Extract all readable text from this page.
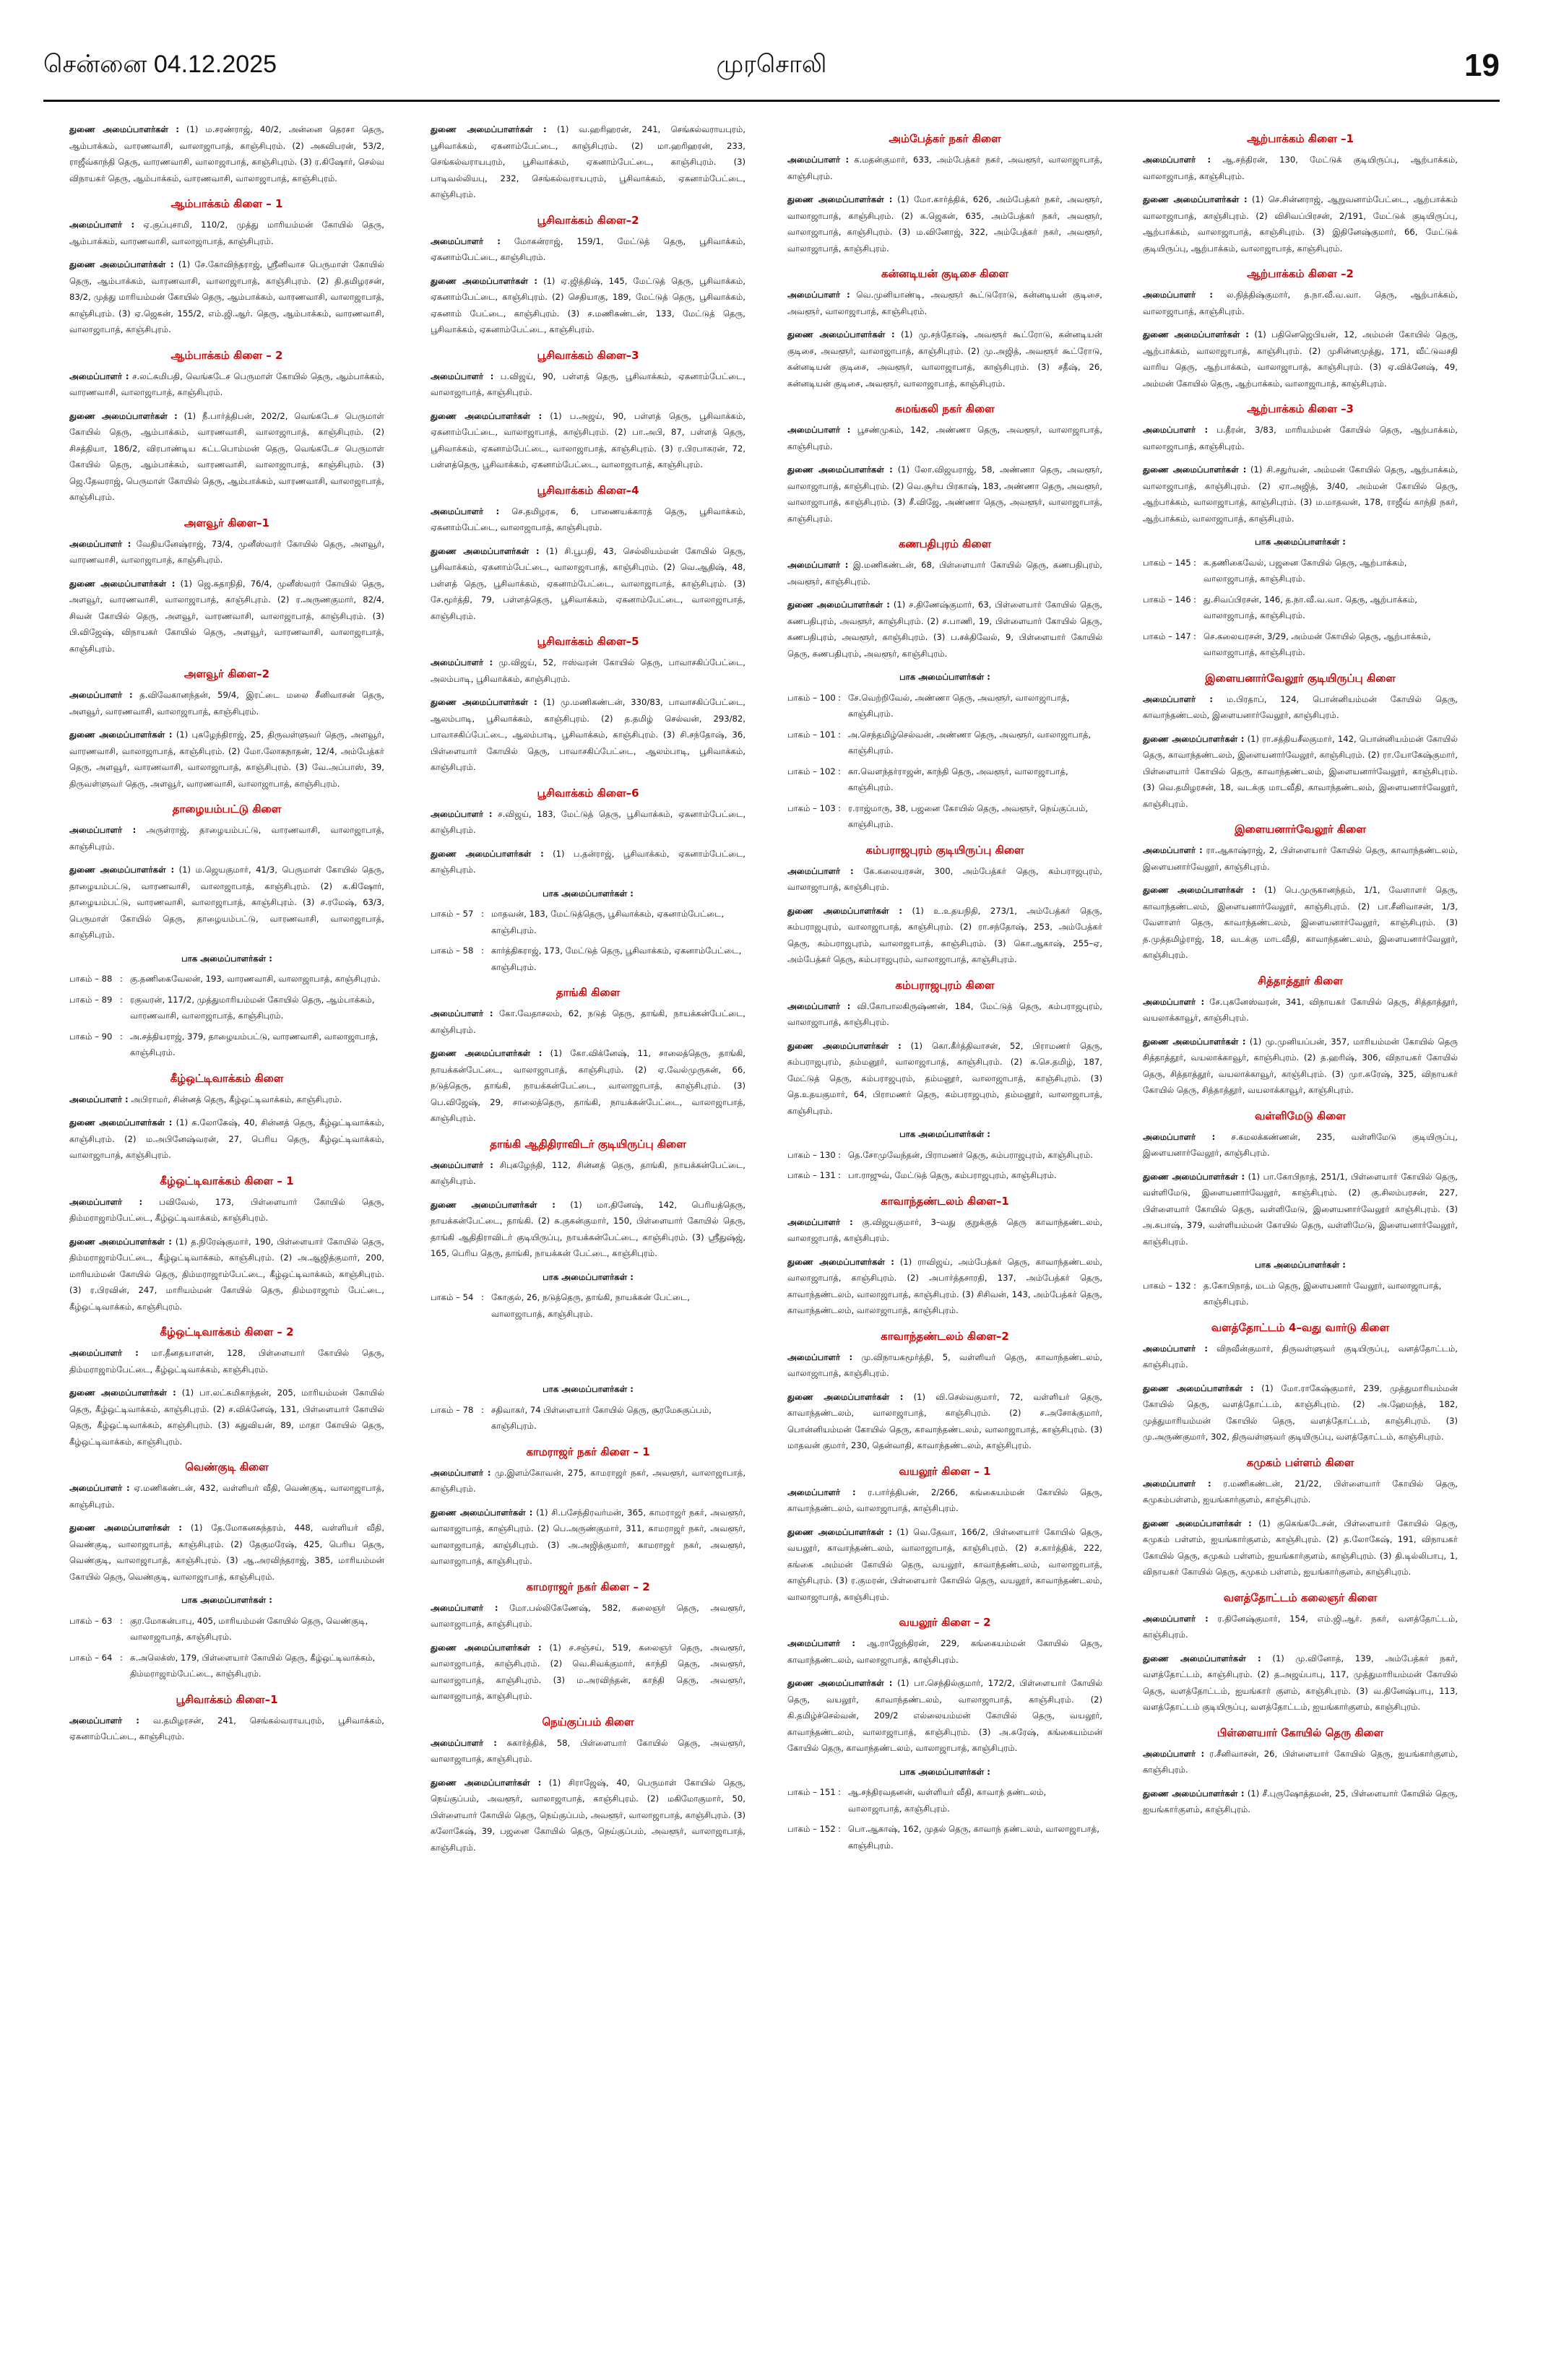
சென்னை 04.12.2025	முரசொலி	19
துணை அமைப்பாளர்கள் : (1) ம.சரண்ராஜ், 40/2, அன்னை தெரசா தெரு, ஆம்பாக்கம், வாரணவாசி, வாலாஜாபாத், காஞ்சிபுரம். (2) அகவிபரன், 53/2, ராஜீவ்காந்தி தெரு, வாரணவாசி, வாலாஜாபாத், காஞ்சிபுரம். (3) ர.கிஷோர், செல்வ விநாயகர் தெரு, ஆம்பாக்கம், வாரணவாசி, வாலாஜாபாத், காஞ்சிபுரம்.
ஆம்பாக்கம் கிளை – 1
அமைப்பாளர் : ஏ.குப்புசாமி, 110/2, முத்து மாரியம்மன் கோயில் தெரு, ஆம்பாக்கம், வாரணவாசி, வாலாஜாபாத், காஞ்சிபுரம்.
துணை அமைப்பாளர்கள் : (1) சே.கோவிந்தராஜ், ஸ்ரீனிவாச பெருமாள் கோயில் தெரு, ஆம்பாக்கம், வாரணவாசி, வாலாஜாபாத், காஞ்சிபுரம். (2) தி.தமிழரசன், 83/2, முத்து மாரியம்மன் கோயில் தெரு, ஆம்பாக்கம், வாரணவாசி, வாலாஜாபாத், காஞ்சிபுரம். (3) ஏ.ஜெகன், 155/2, எம்.ஜி.ஆர். தெரு, ஆம்பாக்கம், வாரணவாசி, வாலாஜாபாத், காஞ்சிபுரம்.
ஆம்பாக்கம் கிளை – 2
அமைப்பாளர் : ச.லட்சுமிபதி, வெங்கடேச பெருமாள் கோயில் தெரு, ஆம்பாக்கம், வாரணவாசி, வாலாஜாபாத், காஞ்சிபுரம்.
துணை அமைப்பாளர்கள் : (1) நீ.பார்த்திபன், 202/2, வெங்கடேச பெருமாள் கோயில் தெரு, ஆம்பாக்கம், வாரணவாசி, வாலாஜாபாத், காஞ்சிபுரம். (2) சிசத்தியா, 186/2, விரபாண்டிய கட்டபொம்மன் தெரு, வெங்கடேச பெருமாள் கோயில் தெரு, ஆம்பாக்கம், வாரணவாசி, வாலாஜாபாத், காஞ்சிபுரம். (3) ஜெ.தேவராஜ், பெருமாள் கோயில் தெரு, ஆம்பாக்கம், வாரணவாசி, வாலாஜாபாத், காஞ்சிபுரம்.
அளவூர் கிளை–1
அமைப்பாளர் : வேதியனேஷ்ராஜ், 73/4, முனீஸ்வரர் கோயில் தெரு, அளவூர், வாரணவாசி, வாலாஜாபாத், காஞ்சிபுரம்.
துணை அமைப்பாளர்கள் : (1) ஜெ.சுதாநிதி, 76/4, முனீஸ்வரர் கோயில் தெரு, அளவூர், வாரணவாசி, வாலாஜாபாத், காஞ்சிபுரம். (2) ர.அருணகுமார், 82/4, சிவன் கோயில் தெரு, அளவூர், வாரணவாசி, வாலாஜாபாத், காஞ்சிபுரம். (3) பி.விஜேஷ், விநாயகர் கோயில் தெரு, அளவூர், வாரணவாசி, வாலாஜாபாத், காஞ்சிபுரம்.
அளவூர் கிளை–2
அமைப்பாளர் : த.விவேகானந்தன், 59/4, இரட்டை மலை சீனிவாசன் தெரு, அளவூர், வாரணவாசி, வாலாஜாபாத், காஞ்சிபுரம்.
துணை அமைப்பாளர்கள் : (1) புகழேந்திராஜ், 25, திருவள்ளுவர் தெரு, அளவூர், வாரணவாசி, வாலாஜாபாத், காஞ்சிபுரம். (2) மோ.லோகநாதன், 12/4, அம்பேத்கர் தெரு, அளவூர், வாரணவாசி, வாலாஜாபாத், காஞ்சிபுரம். (3) வே.அப்பாஸ், 39, திருவள்ளுவர் தெரு, அளவூர், வாரணவாசி, வாலாஜாபாத், காஞ்சிபுரம்.
தாழையம்பட்டு கிளை
அமைப்பாளர் : அருள்ராஜ், தாழையம்பட்டு, வாரணவாசி, வாலாஜாபாத், காஞ்சிபுரம்.
துணை அமைப்பாளர்கள் : (1) ம.ஜெயகுமார், 41/3, பெருமாள் கோயில் தெரு, தாழையம்பட்டு, வாரணவாசி, வாலாஜாபாத், காஞ்சிபுரம். (2) க.கிஷோர், தாழையம்பட்டு, வாரணவாசி, வாலாஜாபாத், காஞ்சிபுரம். (3) ச.ரமேஷ், 63/3, பெருமாள் கோயில் தெரு, தாழையம்பட்டு, வாரணவாசி, வாலாஜாபாத், காஞ்சிபுரம்.
பாக அமைப்பாளர்கள் :
பாகம் – 88 : கு.தணிகைவேலன், 193, வாரணவாசி, வாலாஜாபாத், காஞ்சிபுரம்.
பாகம் – 89 : ரகுவரன், 117/2, முத்துமாரியம்மன் கோயில் தெரு, ஆம்பாக்கம், வாரணவாசி, வாலாஜாபாத், காஞ்சிபுரம்.
பாகம் – 90 : அ.சத்தியராஜ், 379, தாழையம்பட்டு, வாரணவாசி, வாலாஜாபாத், காஞ்சிபுரம்.
கீழ்ஒட்டிவாக்கம் கிளை
அமைப்பாளர் : அபிராமர், சின்னத் தெரு, கீழ்ஒட்டிவாக்கம், காஞ்சிபுரம்.
துணை அமைப்பாளர்கள் : (1) க.லோகேஷ், 40, சின்னத் தெரு, கீழ்ஒட்டிவாக்கம், காஞ்சிபுரம். (2) ம.அபினேஷ்வரன், 27, பெரிய தெரு, கீழ்ஒட்டிவாக்கம், வாலாஜாபாத், காஞ்சிபுரம்.
கீழ்ஒட்டிவாக்கம் கிளை – 1
அமைப்பாளர் : பவிவேல், 173, பிள்ளையார் கோயில் தெரு, திம்மராஜாம்பேட்டை, கீழ்ஒட்டிவாக்கம், காஞ்சிபுரம்.
துணை அமைப்பாளர்கள் : (1) த.நிரேஷ்குமார், 190, பிள்ளையார் கோயில் தெரு, திம்மராஜாம்பேட்டை, கீழ்ஒட்டிவாக்கம், காஞ்சிபுரம். (2) அ.ஆஜித்குமார், 200, மாரியம்மன் கோயில் தெரு, திம்மராஜாம்பேட்டை, கீழ்ஒட்டிவாக்கம், காஞ்சிபுரம். (3) ர.பிரவின், 247, மாரியம்மன் கோயில் தெரு, திம்மராஜாம் பேட்டை, கீழ்ஒட்டிவாக்கம், காஞ்சிபுரம்.
கீழ்ஒட்டிவாக்கம் கிளை – 2
அமைப்பாளர் : மா.தீனதயாளன், 128, பிள்ளையார் கோயில் தெரு, திம்மராஜாம்பேட்டை, கீழ்ஒட்டிவாக்கம், காஞ்சிபுரம்.
துணை அமைப்பாளர்கள் : (1) பா.லட்சுமிகாந்தன், 205, மாரியம்மன் கோயில் தெரு, கீழ்ஒட்டிவாக்கம், காஞ்சிபுரம். (2) ச.விக்னேஷ், 131, பிள்ளையார் கோயில் தெரு, கீழ்ஒட்டிவாக்கம், காஞ்சிபுரம். (3) சுதுவியன், 89, மாதா கோயில் தெரு, கீழ்ஒட்டிவாக்கம், காஞ்சிபுரம்.
வெண்குடி கிளை
அமைப்பாளர் : ஏ.மணிகண்டன், 432, வள்ளியர் வீதி, வெண்குடி, வாலாஜாபாத், காஞ்சிபுரம்.
துணை அமைப்பாளர்கள் : (1) தே.மோகனசுந்தரம், 448, வள்ளியர் வீதி, வெண்குடி, வாலாஜாபாத், காஞ்சிபுரம். (2) தேகுமரேஷ், 425, பெரிய தெரு, வெண்குடி, வாலாஜாபாத், காஞ்சிபுரம். (3) ஆ.அரவிந்தராஜ், 385, மாரியம்மன் கோயில் தெரு, வெண்குடி, வாலாஜாபாத், காஞ்சிபுரம்.
பாக அமைப்பாளர்கள் :
பாகம் – 63 : குர.மோகன்பாபு, 405, மாரியம்மன் கோயில் தெரு, வெண்குடி, வாலாஜாபாத், காஞ்சிபுரம்.
பாகம் – 64 : சு.அலெக்ஸ், 179, பிள்ளையார் கோயில் தெரு, கீழ்ஒட்டிவாக்கம், திம்மராஜாம்பேட்டை, காஞ்சிபுரம்.
பூசிவாக்கம் கிளை–1
அமைப்பாளர் : வ.தமிழரசன், 241, செங்கல்வராயபுரம், பூசிவாக்கம், ஏகனாம்பேட்டை, காஞ்சிபுரம்.
துணை அமைப்பாளர்கள் : (1) வ.ஹரிஹரன், 241, செங்கல்வராயபுரம், பூசிவாக்கம், ஏகனாம்பேட்டை, காஞ்சிபுரம். (2) மா.ஹரிஹரன், 233, செங்கல்வராயபுரம், பூசிவாக்கம், ஏகனாம்பேட்டை, காஞ்சிபுரம். (3) பாடிவல்லியபு, 232, செங்கல்வராயபுரம், பூசிவாக்கம், ஏகனாம்பேட்டை, காஞ்சிபுரம்.
பூசிவாக்கம் கிளை–2
அமைப்பாளர் : மோகன்ராஜ், 159/1, மேட்டுத் தெரு, பூசிவாக்கம், ஏகனாம்பேட்டை, காஞ்சிபுரம்.
துணை அமைப்பாளர்கள் : (1) ஏ.ஜித்திஷ், 145, மேட்டுத் தெரு, பூசிவாக்கம், ஏகனாம்பேட்டை, காஞ்சிபுரம். (2) செதியாகு, 189, மேட்டுத் தெரு, பூசிவாக்கம், ஏகனாம் பேட்டை, காஞ்சிபுரம். (3) ச.மணிகண்டன், 133, மேட்டுத் தெரு, பூசிவாக்கம், ஏகனாம்பேட்டை, காஞ்சிபுரம்.
பூசிவாக்கம் கிளை–3
அமைப்பாளர் : ப.விஜய், 90, பள்ளத் தெரு, பூசிவாக்கம், ஏகனாம்பேட்டை, வாலாஜாபாத், காஞ்சிபுரம்.
துணை அமைப்பாளர்கள் : (1) ப.அஜய், 90, பள்ளத் தெரு, பூசிவாக்கம், ஏகனாம்பேட்டை, வாலாஜாபாத், காஞ்சிபுரம். (2) பா.அபி, 87, பள்ளத் தெரு, பூசிவாக்கம், ஏகனாம்பேட்டை, வாலாஜாபாத், காஞ்சிபுரம். (3) ர.பிரபாகரன், 72, பள்ளத்தெரு, பூசிவாக்கம், ஏகனாம்பேட்டை, வாலாஜாபாத், காஞ்சிபுரம்.
பூசிவாக்கம் கிளை–4
அமைப்பாளர் : செ.தமிழரசு, 6, பாணையக்காரத் தெரு, பூசிவாக்கம், ஏகனாம்பேட்டை, வாலாஜாபாத், காஞ்சிபுரம்.
துணை அமைப்பாளர்கள் : (1) சி.பூபதி, 43, செல்லியம்மன் கோயில் தெரு, பூசிவாக்கம், ஏகனாம்பேட்டை, வாலாஜாபாத், காஞ்சிபுரம். (2) வெ.ஆதிஷ், 48, பள்ளத் தெரு, பூசிவாக்கம், ஏகனாம்பேட்டை, வாலாஜாபாத், காஞ்சிபுரம். (3) சே.மூர்த்தி, 79, பள்ளத்தெரு, பூசிவாக்கம், ஏகனாம்பேட்டை, வாலாஜாபாத், காஞ்சிபுரம்.
பூசிவாக்கம் கிளை–5
அமைப்பாளர் : மு.விஜய், 52, ஈஸ்வரன் கோயில் தெரு, பாவாசகிப்பேட்டை, அலம்பாடி, பூசிவாக்கம், காஞ்சிபுரம்.
துணை அமைப்பாளர்கள் : (1) மு.மணிகண்டன், 330/83, பாவாசகிப்பேட்டை, ஆலம்பாடி, பூசிவாக்கம், காஞ்சிபுரம். (2) த.தமிழ் செல்வன், 293/82, பாவாசகிப்பேட்டை, ஆலம்பாடி, பூசிவாக்கம், காஞ்சிபுரம். (3) சி.சந்தோஷ், 36, பிள்ளையார் கோயில் தெரு, பாவாசகிப்பேட்டை, ஆலம்பாடி, பூசிவாக்கம், காஞ்சிபுரம்.
பூசிவாக்கம் கிளை–6
அமைப்பாளர் : ச.விஜய், 183, மேட்டுத் தெரு, பூசிவாக்கம், ஏகனாம்பேட்டை, காஞ்சிபுரம்.
துணை அமைப்பாளர்கள் : (1) ப.தன்ராஜ், பூசிவாக்கம், ஏகனாம்பேட்டை, காஞ்சிபுரம்.
பாக அமைப்பாளர்கள் :
பாகம் – 57 : மாதவன், 183, மேட்டுத்தெரு, பூசிவாக்கம், ஏகனாம்பேட்டை, காஞ்சிபுரம்.
பாகம் – 58 : கார்த்திகராஜ், 173, மேட்டுத் தெரு, பூசிவாக்கம், ஏகனாம்பேட்டை, காஞ்சிபுரம்.
தாங்கி கிளை
அமைப்பாளர் : கோ.வேதாசலம், 62, நடுத் தெரு, தாங்கி, நாயக்கன்பேட்டை, காஞ்சிபுரம்.
துணை அமைப்பாளர்கள் : (1) கோ.விக்னேஷ், 11, சாலைத்தெரு, தாங்கி, நாயக்கன்பேட்டை, வாலாஜாபாத், காஞ்சிபுரம். (2) ஏ.வேல்முருகன், 66, நடுத்தெரு, தாங்கி, நாயக்கன்பேட்டை, வாலாஜாபாத், காஞ்சிபுரம். (3) பெ.விஜேஷ், 29, சாலைத்தெரு, தாங்கி, நாயக்கன்பேட்டை, வாலாஜாபாத், காஞ்சிபுரம்.
தாங்கி ஆதிதிராவிடர் குடியிருப்பு கிளை
அமைப்பாளர் : சிபுகழேந்தி, 112, சின்னத் தெரு, தாங்கி, நாயக்கன்பேட்டை, காஞ்சிபுரம்.
துணை அமைப்பாளர்கள் : (1) மா.தினேஷ், 142, பெரியத்தெரு, நாயக்கன்பேட்டை, தாங்கி. (2) சு.குகன்குமார், 150, பிள்ளையார் கோயில் தெரு, தாங்கி ஆதிதிராவிடர் குடியிருப்பு, நாயக்கன்பேட்டை, காஞ்சிபுரம். (3) ஸ்ரீதுஷ்ஜ், 165, பெரிய தெரு, தாங்கி, நாயக்கன் பேட்டை, காஞ்சிபுரம்.
பாக அமைப்பாளர்கள் :
பாகம் – 54 : கோகுல், 26, நடுத்தெரு, தாங்கி, நாயக்கன் பேட்டை, வாலாஜாபாத், காஞ்சிபுரம்.
பாக அமைப்பாளர்கள் :
பாகம் – 78 : சதிவாகர், 74 பிள்ளையார் கோயில் தெரு, சூரமேசுகுப்பம், காஞ்சிபுரம்.
காமராஜர் நகர் கிளை – 1
அமைப்பாளர் : மு.இளம்கோவன், 275, காமராஜர் நகர், அவளூர், வாலாஜாபாத், காஞ்சிபுரம்.
துணை அமைப்பாளர்கள் : (1) சி.பசேந்திரவர்மன், 365, காமராஜர் நகர், அவளூர், வாலாஜாபாத், காஞ்சிபுரம். (2) பெ.அருண்குமார், 311, காமராஜர் நகர், அவளூர், வாலாஜாபாத், காஞ்சிபுரம். (3) அ.அஜித்குமார், காமராஜர் நகர், அவளூர், வாலாஜாபாத், காஞ்சிபுரம்.
காமராஜர் நகர் கிளை – 2
அமைப்பாளர் : மோ.பல்லிகேணேஷ், 582, கலைஞர் தெரு, அவளூர், வாலாஜாபாத், காஞ்சிபுரம்.
துணை அமைப்பாளர்கள் : (1) ச.சஞ்சய், 519, கலைஞர் தெரு, அவளூர், வாலாஜாபாத், காஞ்சிபுரம். (2) வெ.சிவக்குமார், காந்தி தெரு, அவளூர், வாலாஜாபாத், காஞ்சிபுரம். (3) ம.அரவிந்தன், காந்தி தெரு, அவளூர், வாலாஜாபாத், காஞ்சிபுரம்.
நெய்குப்பம் கிளை
அமைப்பாளர் : சுகார்த்திக், 58, பிள்ளையார் கோயில் தெரு, அவளூர், வாலாஜாபாத், காஞ்சிபுரம்.
துணை அமைப்பாளர்கள் : (1) சிராஜேஷ், 40, பெருமாள் கோயில் தெரு, நெய்குப்பம், அவளூர், வாலாஜாபாத், காஞ்சிபுரம். (2) மகிமோகுமார், 50, பிள்ளையார் கோயில் தெரு, நெய்குப்பம், அவளூர், வாலாஜாபாத், காஞ்சிபுரம். (3) கலோகேஷ், 39, பஜனை கோயில் தெரு, நெய்குப்பம், அவளூர், வாலாஜாபாத், காஞ்சிபுரம்.
அம்பேத்கர் நகர் கிளை
அமைப்பாளர் : க.மதன்குமார், 633, அம்பேத்கர் நகர், அவளூர், வாலாஜாபாத், காஞ்சிபுரம்.
துணை அமைப்பாளர்கள் : (1) மோ.கார்த்திக், 626, அம்பேத்கர் நகர், அவளூர், வாலாஜாபாத், காஞ்சிபுரம். (2) க.ஜெகன், 635, அம்பேத்கர் நகர், அவளூர், வாலாஜாபாத், காஞ்சிபுரம். (3) ம.வினோஜ், 322, அம்பேத்கர் நகர், அவளூர், வாலாஜாபாத், காஞ்சிபுரம்.
கன்னடியன் குடிசை கிளை
அமைப்பாளர் : வெ.முனியாண்டி, அவளூர் கூட்டுரோடு, கன்னடியன் குடிசை, அவளூர், வாலாஜாபாத், காஞ்சிபுரம்.
துணை அமைப்பாளர்கள் : (1) மு.சந்தோஷ், அவளூர் கூட்ரோடு, கன்னடியன் குடிசை, அவளூர், வாலாஜாபாத், காஞ்சிபுரம். (2) மு.அஜித், அவளூர் கூட்ரோடு, கன்னடியன் குடிசை, அவளூர், வாலாஜாபாத், காஞ்சிபுரம். (3) சதீஷ், 26, கன்னடியன் குடிசை, அவளூர், வாலாஜாபாத், காஞ்சிபுரம்.
சுமங்கலி நகர் கிளை
அமைப்பாளர் : பூசண்முகம், 142, அண்ணா தெரு, அவளூர், வாலாஜாபாத், காஞ்சிபுரம்.
துணை அமைப்பாளர்கள் : (1) லோ.விஜயராஜ், 58, அண்ணா தெரு, அவளூர், வாலாஜாபாத், காஞ்சிபுரம். (2) வெ.சூர்ய பிரகாஷ், 183, அண்ணா தெரு, அவளூர், வாலாஜாபாத், காஞ்சிபுரம். (3) சீ.விஜே, அண்ணா தெரு, அவளூர், வாலாஜாபாத், காஞ்சிபுரம்.
கணபதிபுரம் கிளை
அமைப்பாளர் : இ.மணிகண்டன், 68, பிள்ளையார் கோயில் தெரு, கணபதிபுரம், அவளூர், காஞ்சிபுரம்.
துணை அமைப்பாளர்கள் : (1) ச.திணேஷ்குமார், 63, பிள்ளையார் கோயில் தெரு, கணபதிபுரம், அவளூர், காஞ்சிபுரம். (2) ச.பாணி, 19, பிள்ளையார் கோயில் தெரு, கணபதிபுரம், அவளூர், காஞ்சிபுரம். (3) ப.சக்திவேல், 9, பிள்ளையார் கோயில் தெரு, கணபதிபுரம், அவளூர், காஞ்சிபுரம்.
பாக அமைப்பாளர்கள் :
பாகம் – 100 : சே.வெற்றிவேல், அண்ணா தெரு, அவளூர், வாலாஜாபாத், காஞ்சிபுரம்.
பாகம் – 101 : அ.செந்தமிழ்செல்வன், அண்ணா தெரு, அவளூர், வாலாஜாபாத், காஞ்சிபுரம்.
பாகம் – 102 : கா.வெளந்தர்ராஜன், காந்தி தெரு, அவளூர், வாலாஜாபாத், காஞ்சிபுரம்.
பாகம் – 103 : ர.ராஜ்மாரு, 38, பஜனை கோயில் தெரு, அவளூர், நெய்குப்பம், காஞ்சிபுரம்.
கம்பராஜபுரம் குடியிருப்பு கிளை
அமைப்பாளர் : கே.கலையரசன், 300, அம்பேத்கர் தெரு, கம்பராஜபுரம், வாலாஜாபாத், காஞ்சிபுரம்.
துணை அமைப்பாளர்கள் : (1) உ.உதயநிதி, 273/1, அம்பேத்கர் தெரு, கம்பராஜபுரம், வாலாஜாபாத், காஞ்சிபுரம். (2) ரா.சந்தோஷ், 253, அம்பேத்கர் தெரு, கம்பராஜபுரம், வாலாஜாபாத், காஞ்சிபுரம். (3) கொ.ஆகாஷ், 255–ஏ, அம்பேத்கர் தெரு, கம்பராஜபுரம், வாலாஜாபாத், காஞ்சிபுரம்.
கம்பராஜபுரம் கிளை
அமைப்பாளர் : வி.கோபாலகிருஷ்ணன், 184, மேட்டுத் தெரு, கம்பராஜபுரம், வாலாஜாபாத், காஞ்சிபுரம்.
துணை அமைப்பாளர்கள் : (1) கொ.கீர்த்திவாசன், 52, பிராமணர் தெரு, கம்பராஜபுரம், தம்மனூர், வாலாஜாபாத், காஞ்சிபுரம். (2) சு.செ.தமிழ், 187, மேட்டுத் தெரு, கம்பராஜபுரம், தம்மனூர், வாலாஜாபாத், காஞ்சிபுரம். (3) தெ.உதயகுமார், 64, பிராமணர் தெரு, கம்பராஜபுரம், தம்மனூர், வாலாஜாபாத், காஞ்சிபுரம்.
பாக அமைப்பாளர்கள் :
பாகம் – 130 : தெ.சோமுவேந்தன், பிராமணர் தெரு, கம்பராஜபுரம், காஞ்சிபுரம்.
பாகம் – 131 : பா.ராஜுவ், மேட்டுத் தெரு, கம்பராஜபுரம், காஞ்சிபுரம்.
காவாந்தண்டலம் கிளை–1
அமைப்பாளர் : கு.விஜயகுமார், 3–வது குறுக்குத் தெரு காவாந்தண்டலம், வாலாஜாபாத், காஞ்சிபுரம்.
துணை அமைப்பாளர்கள் : (1) ராவிஜய், அம்பேத்கர் தெரு, காவாந்தண்டலம், வாலாஜாபாத், காஞ்சிபுரம். (2) அபார்த்தசாரதி, 137, அம்பேத்கர் தெரு, காவாந்தண்டலம், வாலாஜாபாத், காஞ்சிபுரம். (3) சிசிவன், 143, அம்பேத்கர் தெரு, காவாந்தண்டலம், வாலாஜாபாத், காஞ்சிபுரம்.
காவாந்தண்டலம் கிளை–2
அமைப்பாளர் : மு.விநாயகமூர்த்தி, 5, வள்ளியர் தெரு, காவாந்தண்டலம், வாலாஜாபாத், காஞ்சிபுரம்.
துணை அமைப்பாளர்கள் : (1) வி.செல்வகுமார், 72, வள்ளியர் தெரு, காவாந்தண்டலம், வாலாஜாபாத், காஞ்சிபுரம். (2) ச.அசோக்குமார், பொன்னியம்மன் கோயில் தெரு, காவாந்தண்டலம், வாலாஜாபாத், காஞ்சிபுரம். (3) மாதவன் குமார், 230, தென்வாதி, காவாந்தண்டலம், காஞ்சிபுரம்.
வயலூர் கிளை – 1
அமைப்பாளர் : ர.பார்த்திபன், 2/266, கங்கையம்மன் கோயில் தெரு, காவாந்தண்டலம், வாலாஜாபாத், காஞ்சிபுரம்.
துணை அமைப்பாளர்கள் : (1) வெ.தேவா, 166/2, பிள்ளையார் கோயில் தெரு, வயலூர், காவாந்தண்டலம், வாலாஜாபாத், காஞ்சிபுரம். (2) ச.கார்த்திக், 222, கங்கை அம்மன் கோயில் தெரு, வயலூர், காவாந்தண்டலம், வாலாஜாபாத், காஞ்சிபுரம். (3) ர.குமரன், பிள்ளையார் கோயில் தெரு, வயலூர், காவாந்தண்டலம், வாலாஜாபாத், காஞ்சிபுரம்.
வயலூர் கிளை – 2
அமைப்பாளர் : ஆ.ராஜேந்திரன், 229, கங்கையம்மன் கோயில் தெரு, காவாந்தண்டலம், வாலாஜாபாத், காஞ்சிபுரம்.
துணை அமைப்பாளர்கள் : (1) பா.செந்தில்குமார், 172/2, பிள்ளையார் கோயில் தெரு, வயலூர், காவாந்தண்டலம், வாலாஜாபாத், காஞ்சிபுரம். (2) கி.தமிழ்ச்செல்வன், 209/2 எல்லையம்மன் கோயில் தெரு, வயலூர், காவாந்தண்டலம், வாலாஜாபாத், காஞ்சிபுரம். (3) அ.சுரேஷ், கங்கையம்மன் கோயில் தெரு, காவாந்தண்டலம், வாலாஜாபாத், காஞ்சிபுரம்.
பாக அமைப்பாளர்கள் :
பாகம் – 151 : ஆ.சந்திரவதனன், வள்ளியர் வீதி, காவாந் தண்டலம், வாலாஜாபாத், காஞ்சிபுரம்.
பாகம் – 152 : பொ.ஆகாஷ், 162, முதல் தெரு, காவாந் தண்டலம், வாலாஜாபாத், காஞ்சிபுரம்.
ஆற்பாக்கம் கிளை –1
அமைப்பாளர் : ஆ.சந்திரன், 130, மேட்டுக் குடியிருப்பு, ஆற்பாக்கம், வாலாஜாபாத், காஞ்சிபுரம்.
துணை அமைப்பாளர்கள் : (1) செ.சின்னராஜ், ஆறுவனாம்பேட்டை, ஆற்பாக்கம் வாலாஜாபாத், காஞ்சிபுரம். (2) விசிவப்பிரசன், 2/191, மேட்டுக் குடியிருப்பு, ஆற்பாக்கம், வாலாஜாபாத், காஞ்சிபுரம். (3) இதினேஷ்குமார், 66, மேட்டுக் குடியிருப்பு, ஆற்பாக்கம், வாலாஜாபாத், காஞ்சிபுரம்.
ஆற்பாக்கம் கிளை –2
அமைப்பாளர் : ல.நித்திஷ்குமார், த.நா.வீ.வ.வா. தெரு, ஆற்பாக்கம், வாலாஜாபாத், காஞ்சிபுரம்.
துணை அமைப்பாளர்கள் : (1) பதினெஜெபியன், 12, அம்மன் கோயில் தெரு, ஆற்பாக்கம், வாலாஜாபாத், காஞ்சிபுரம். (2) முசின்னமுத்து, 171, வீட்டுவசதி வாரிய தெரு, ஆற்பாக்கம், வாலாஜாபாத், காஞ்சிபுரம். (3) ஏ.விக்னேஷ், 49, அம்மன் கோயில் தெரு, ஆற்பாக்கம், வாலாஜாபாத், காஞ்சிபுரம்.
ஆற்பாக்கம் கிளை –3
அமைப்பாளர் : ப.தீரன், 3/83, மாரியம்மன் கோயில் தெரு, ஆற்பாக்கம், வாலாஜாபாத், காஞ்சிபுரம்.
துணை அமைப்பாளர்கள் : (1) சி.சதுர்யன், அம்மன் கோயில் தெரு, ஆற்பாக்கம், வாலாஜாபாத், காஞ்சிபுரம். (2) ஏா.அஜித், 3/40, அம்மன் கோயில் தெரு, ஆற்பாக்கம், வாலாஜாபாத், காஞ்சிபுரம். (3) ம.மாதவன், 178, ராஜீவ் காந்தி நகர், ஆற்பாக்கம், வாலாஜாபாத், காஞ்சிபுரம்.
பாக அமைப்பாளர்கள் :
பாகம் – 145 : க.தணிகைவேல், பஜனை கோயில் தெரு, ஆற்பாக்கம், வாலாஜாபாத், காஞ்சிபுரம்.
பாகம் – 146 : து.சிவப்பிரசன், 146, த.நா.வீ.வ.வா. தெரு, ஆற்பாக்கம், வாலாஜாபாத், காஞ்சிபுரம்.
பாகம் – 147 : செ.கலையரசன், 3/29, அம்மன் கோயில் தெரு, ஆற்பாக்கம், வாலாஜாபாத், காஞ்சிபுரம்.
இளையனார்வேலூர் குடியிருப்பு கிளை
அமைப்பாளர் : ம.பிரதாப், 124, பொன்னியம்மன் கோயில் தெரு, காவாந்தண்டலம், இளையனார்வேலூர், காஞ்சிபுரம்.
துணை அமைப்பாளர்கள் : (1) ரா.சத்தியசீலகுமார், 142, பொன்னியம்மன் கோயில் தெரு, காவாந்தண்டலம், இளையனார்வேலூர், காஞ்சிபுரம். (2) ரா.யோகேஷ்குமார், பிள்ளையார் கோயில் தெரு, காவாந்தண்டலம், இளையனார்வேலூர், காஞ்சிபுரம். (3) வெ.தமிழரசன், 18, வடக்கு மாடவீதி, காவாந்தண்டலம், இளையனார்வேலூர், காஞ்சிபுரம்.
இளையனார்வேலூர் கிளை
அமைப்பாளர் : ரா.ஆகாஷ்ராஜ், 2, பிள்ளையார் கோயில் தெரு, காவாந்தண்டலம், இளையனார்வேலூர், காஞ்சிபுரம்.
துணை அமைப்பாளர்கள் : (1) பெ.முருகானந்தம், 1/1, வேளாளர் தெரு, காவாந்தண்டலம், இளையனார்வேலூர், காஞ்சிபுரம். (2) பா.சீனிவாசன், 1/3, வேளாளர் தெரு, காவாந்தண்டலம், இளையனார்வேலூர், காஞ்சிபுரம். (3) த.முத்தமிழ்ராஜ், 18, வடக்கு மாடவீதி, காவாந்தண்டலம், இளையனார்வேலூர், காஞ்சிபுரம்.
சித்தாத்தூர் கிளை
அமைப்பாளர் : சே.புகனேஸ்வரன், 341, விநாயகர் கோயில் தெரு, சித்தாத்தூர், வயலாக்காவூர், காஞ்சிபுரம்.
துணை அமைப்பாளர்கள் : (1) மு.முனியப்பன், 357, மாரியம்மன் கோயில் தெரு சித்தாத்தூர், வயலாக்காவூர், காஞ்சிபுரம். (2) த.ஹரிஷ், 306, விநாயகர் கோயில் தெரு, சித்தாத்தூர், வயலாக்காவூர், காஞ்சிபுரம். (3) முா.சுரேஷ், 325, விநாயகர் கோயில் தெரு, சித்தாத்தூர், வயலாக்காவூர், காஞ்சிபுரம்.
வள்ளிமேடு கிளை
அமைப்பாளர் : ச.கமலக்கண்ணன், 235, வள்ளிமேடு குடியிருப்பு, இளையனார்வேலூர், காஞ்சிபுரம்.
துணை அமைப்பாளர்கள் : (1) பா.கோபிநாத், 251/1, பிள்ளையார் கோயில் தெரு, வள்ளிமேடு, இளையனார்வேலூர், காஞ்சிபுரம். (2) கு.சிலம்பரசன், 227, பிள்ளையார் கோயில் தெரு, வள்ளிமேடு, இளையனார்வேலூர் காஞ்சிபுரம். (3) அ.சுபாஷ், 379, வள்ளியம்மன் கோயில் தெரு, வள்ளிமேடு, இளையனார்வேலூர், காஞ்சிபுரம்.
பாக அமைப்பாளர்கள் :
பாகம் – 132 : த.கோபிநாத், மடம் தெரு, இளையனார் வேலூர், வாலாஜாபாத், காஞ்சிபுரம்.
வளத்தோட்டம் 4–வது வார்டு கிளை
அமைப்பாளர் : விநவீன்குமார், திருவள்ளுவர் குடியிருப்பு, வளத்தோட்டம், காஞ்சிபுரம்.
துணை அமைப்பாளர்கள் : (1) மோ.ராகேஷ்குமார், 239, முத்துமாரியம்மன் கோயில் தெரு, வளத்தோட்டம், காஞ்சிபுரம். (2) அ.ஹேமந்த், 182, முத்துமாரியம்மன் கோயில் தெரு, வளத்தோட்டம், காஞ்சிபுரம். (3) மு.அருண்குமார், 302, திருவள்ளுவர் குடியிருப்பு, வளத்தோட்டம், காஞ்சிபுரம்.
கமுகம் பள்ளம் கிளை
அமைப்பாளர் : ர.மணிகண்டன், 21/22, பிள்ளையார் கோயில் தெரு, கமுகம்பள்ளம், ஐயங்கார்குளம், காஞ்சிபுரம்.
துணை அமைப்பாளர்கள் : (1) குகெங்கடேசன், பிள்ளையார் கோயில் தெரு, கமுகம் பள்ளம், ஐயங்கார்குளம், காஞ்சிபுரம். (2) த.லோகேஷ், 191, விநாயகர் கோயில் தெரு, கமுகம் பள்ளம், ஐயங்கார்குளம், காஞ்சிபுரம். (3) தி.டில்லிபாபு, 1, விநாயகர் கோயில் தெரு, கமுகம் பள்ளம், ஐயங்கார்குளம், காஞ்சிபுரம்.
வளத்தோட்டம் கலைஞர் கிளை
அமைப்பாளர் : ர.தினேஷ்குமார், 154, எம்.ஜி.ஆர். நகர், வளத்தோட்டம், காஞ்சிபுரம்.
துணை அமைப்பாளர்கள் : (1) மு.வினோத், 139, அம்பேத்கர் நகர், வளத்தோட்டம், காஞ்சிபுரம். (2) த.அஜய்பாபு, 117, முத்துமாரியம்மன் கோயில் தெரு, வளத்தோட்டம், ஐயங்கார் குளம், காஞ்சிபுரம். (3) வ.தினேஷ்பாபு, 113, வளத்தோட்டம் குடியிருப்பு, வளத்தோட்டம், ஐயங்கார்குளம், காஞ்சிபுரம்.
பிள்ளையார் கோயில் தெரு கிளை
அமைப்பாளர் : ர.சீனிவாசன், 26, பிள்ளையார் கோயில் தெரு, ஐயங்கார்குளம், காஞ்சிபுரம்.
துணை அமைப்பாளர்கள் : (1) சீ.புருஷோத்தமன், 25, பிள்ளையார் கோயில் தெரு, ஐயங்கார்குளம், காஞ்சிபுரம்.
